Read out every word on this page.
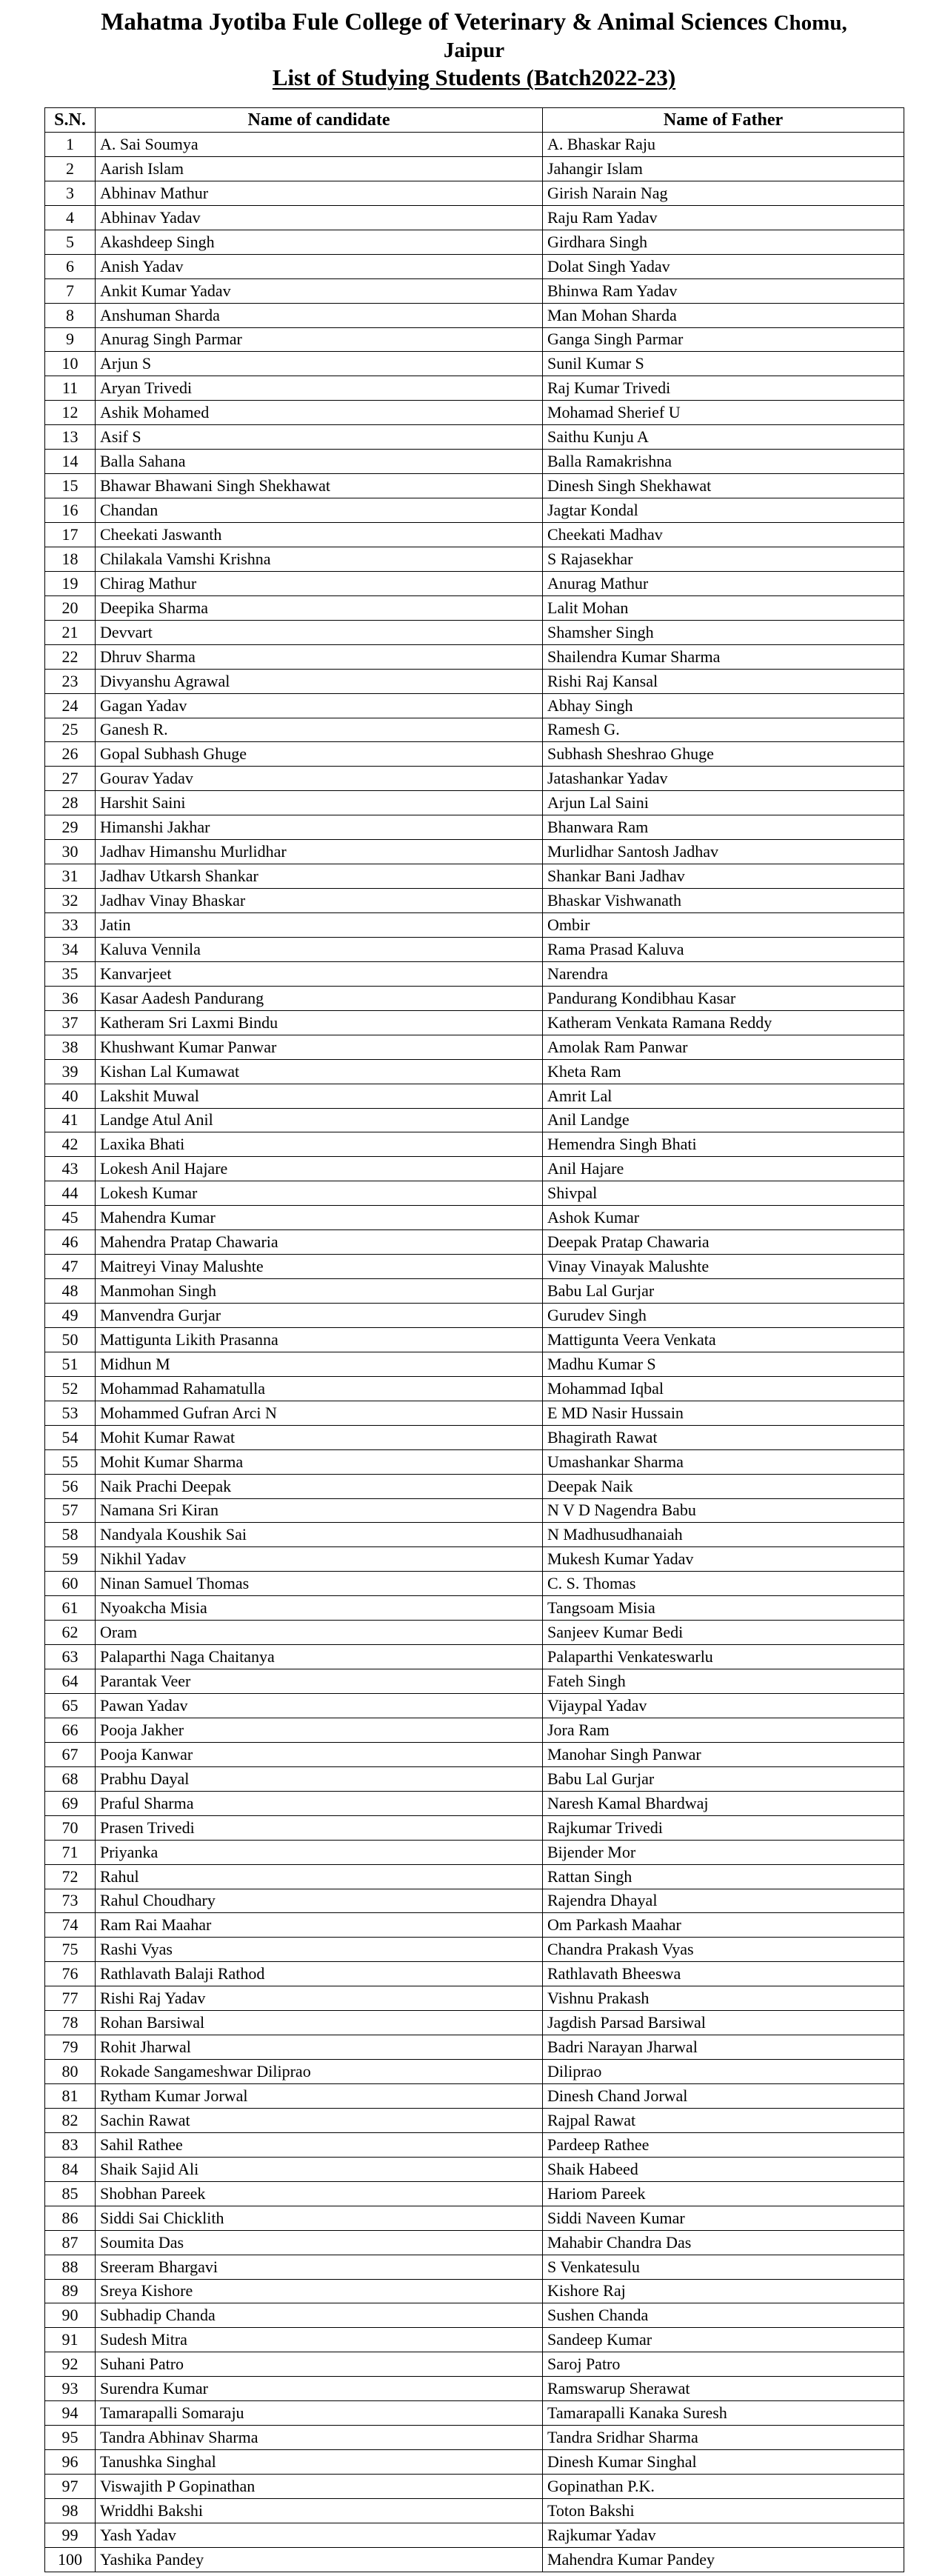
Mahatma Jyotiba Fule College of Veterinary & Animal Sciences Chomu,
Jaipur
List of Studying Students (Batch2022-23)
S.N.	Name of candidate	Name of Father
1	A. Sai Soumya	A. Bhaskar Raju
2	Aarish Islam	Jahangir Islam
3	Abhinav Mathur	Girish Narain Nag
4	Abhinav Yadav	Raju Ram Yadav
5	Akashdeep Singh	Girdhara Singh
6	Anish Yadav	Dolat Singh Yadav
7	Ankit Kumar Yadav	Bhinwa Ram Yadav
8	Anshuman Sharda	Man Mohan Sharda
9	Anurag Singh Parmar	Ganga Singh Parmar
10	Arjun S	Sunil Kumar S
11	Aryan Trivedi	Raj Kumar Trivedi
12	Ashik Mohamed	Mohamad Sherief U
13	Asif S	Saithu Kunju A
14	Balla Sahana	Balla Ramakrishna
15	Bhawar Bhawani Singh Shekhawat	Dinesh Singh Shekhawat
16	Chandan	Jagtar Kondal
17	Cheekati Jaswanth	Cheekati Madhav
18	Chilakala Vamshi Krishna	S Rajasekhar
19	Chirag Mathur	Anurag Mathur
20	Deepika Sharma	Lalit Mohan
21	Devvart	Shamsher Singh
22	Dhruv Sharma	Shailendra Kumar Sharma
23	Divyanshu Agrawal	Rishi Raj Kansal
24	Gagan Yadav	Abhay Singh
25	Ganesh R.	Ramesh G.
26	Gopal Subhash Ghuge	Subhash Sheshrao Ghuge
27	Gourav Yadav	Jatashankar Yadav
28	Harshit Saini	Arjun Lal Saini
29	Himanshi Jakhar	Bhanwara Ram
30	Jadhav Himanshu Murlidhar	Murlidhar Santosh Jadhav
31	Jadhav Utkarsh Shankar	Shankar Bani Jadhav
32	Jadhav Vinay Bhaskar	Bhaskar Vishwanath
33	Jatin	Ombir
34	Kaluva Vennila	Rama Prasad Kaluva
35	Kanvarjeet	Narendra
36	Kasar Aadesh Pandurang	Pandurang Kondibhau Kasar
37	Katheram Sri Laxmi Bindu	Katheram Venkata Ramana Reddy
38	Khushwant Kumar Panwar	Amolak Ram Panwar
39	Kishan Lal Kumawat	Kheta Ram
40	Lakshit Muwal	Amrit Lal
41	Landge Atul Anil	Anil Landge
42	Laxika Bhati	Hemendra Singh Bhati
43	Lokesh Anil Hajare	Anil Hajare
44	Lokesh Kumar	Shivpal
45	Mahendra Kumar	Ashok Kumar
46	Mahendra Pratap Chawaria	Deepak Pratap Chawaria
47	Maitreyi Vinay Malushte	Vinay Vinayak Malushte
48	Manmohan Singh	Babu Lal Gurjar
49	Manvendra Gurjar	Gurudev Singh
50	Mattigunta Likith Prasanna	Mattigunta Veera Venkata
51	Midhun M	Madhu Kumar S
52	Mohammad Rahamatulla	Mohammad Iqbal
53	Mohammed Gufran Arci N	E MD Nasir Hussain
54	Mohit Kumar Rawat	Bhagirath Rawat
55	Mohit Kumar Sharma	Umashankar Sharma
56	Naik Prachi Deepak	Deepak Naik
57	Namana Sri Kiran	N V D Nagendra Babu
58	Nandyala Koushik Sai	N Madhusudhanaiah
59	Nikhil Yadav	Mukesh Kumar Yadav
60	Ninan Samuel Thomas	C. S. Thomas
61	Nyoakcha Misia	Tangsoam Misia
62	Oram	Sanjeev Kumar Bedi
63	Palaparthi Naga Chaitanya	Palaparthi Venkateswarlu
64	Parantak Veer	Fateh Singh
65	Pawan Yadav	Vijaypal Yadav
66	Pooja Jakher	Jora Ram
67	Pooja Kanwar	Manohar Singh Panwar
68	Prabhu Dayal	Babu Lal Gurjar
69	Praful Sharma	Naresh Kamal Bhardwaj
70	Prasen Trivedi	Rajkumar Trivedi
71	Priyanka	Bijender Mor
72	Rahul	Rattan Singh
73	Rahul Choudhary	Rajendra Dhayal
74	Ram Rai Maahar	Om Parkash Maahar
75	Rashi Vyas	Chandra Prakash Vyas
76	Rathlavath Balaji Rathod	Rathlavath Bheeswa
77	Rishi Raj Yadav	Vishnu Prakash
78	Rohan Barsiwal	Jagdish Parsad Barsiwal
79	Rohit Jharwal	Badri Narayan Jharwal
80	Rokade Sangameshwar Diliprao	Diliprao
81	Rytham Kumar Jorwal	Dinesh Chand Jorwal
82	Sachin Rawat	Rajpal Rawat
83	Sahil Rathee	Pardeep Rathee
84	Shaik Sajid Ali	Shaik Habeed
85	Shobhan Pareek	Hariom Pareek
86	Siddi Sai Chicklith	Siddi Naveen Kumar
87	Soumita Das	Mahabir Chandra Das
88	Sreeram Bhargavi	S Venkatesulu
89	Sreya Kishore	Kishore Raj
90	Subhadip Chanda	Sushen Chanda
91	Sudesh Mitra	Sandeep Kumar
92	Suhani Patro	Saroj Patro
93	Surendra Kumar	Ramswarup Sherawat
94	Tamarapalli Somaraju	Tamarapalli Kanaka Suresh
95	Tandra Abhinav Sharma	Tandra Sridhar Sharma
96	Tanushka Singhal	Dinesh Kumar Singhal
97	Viswajith P Gopinathan	Gopinathan P.K.
98	Wriddhi Bakshi	Toton Bakshi
99	Yash Yadav	Rajkumar Yadav
100	Yashika Pandey	Mahendra Kumar Pandey
